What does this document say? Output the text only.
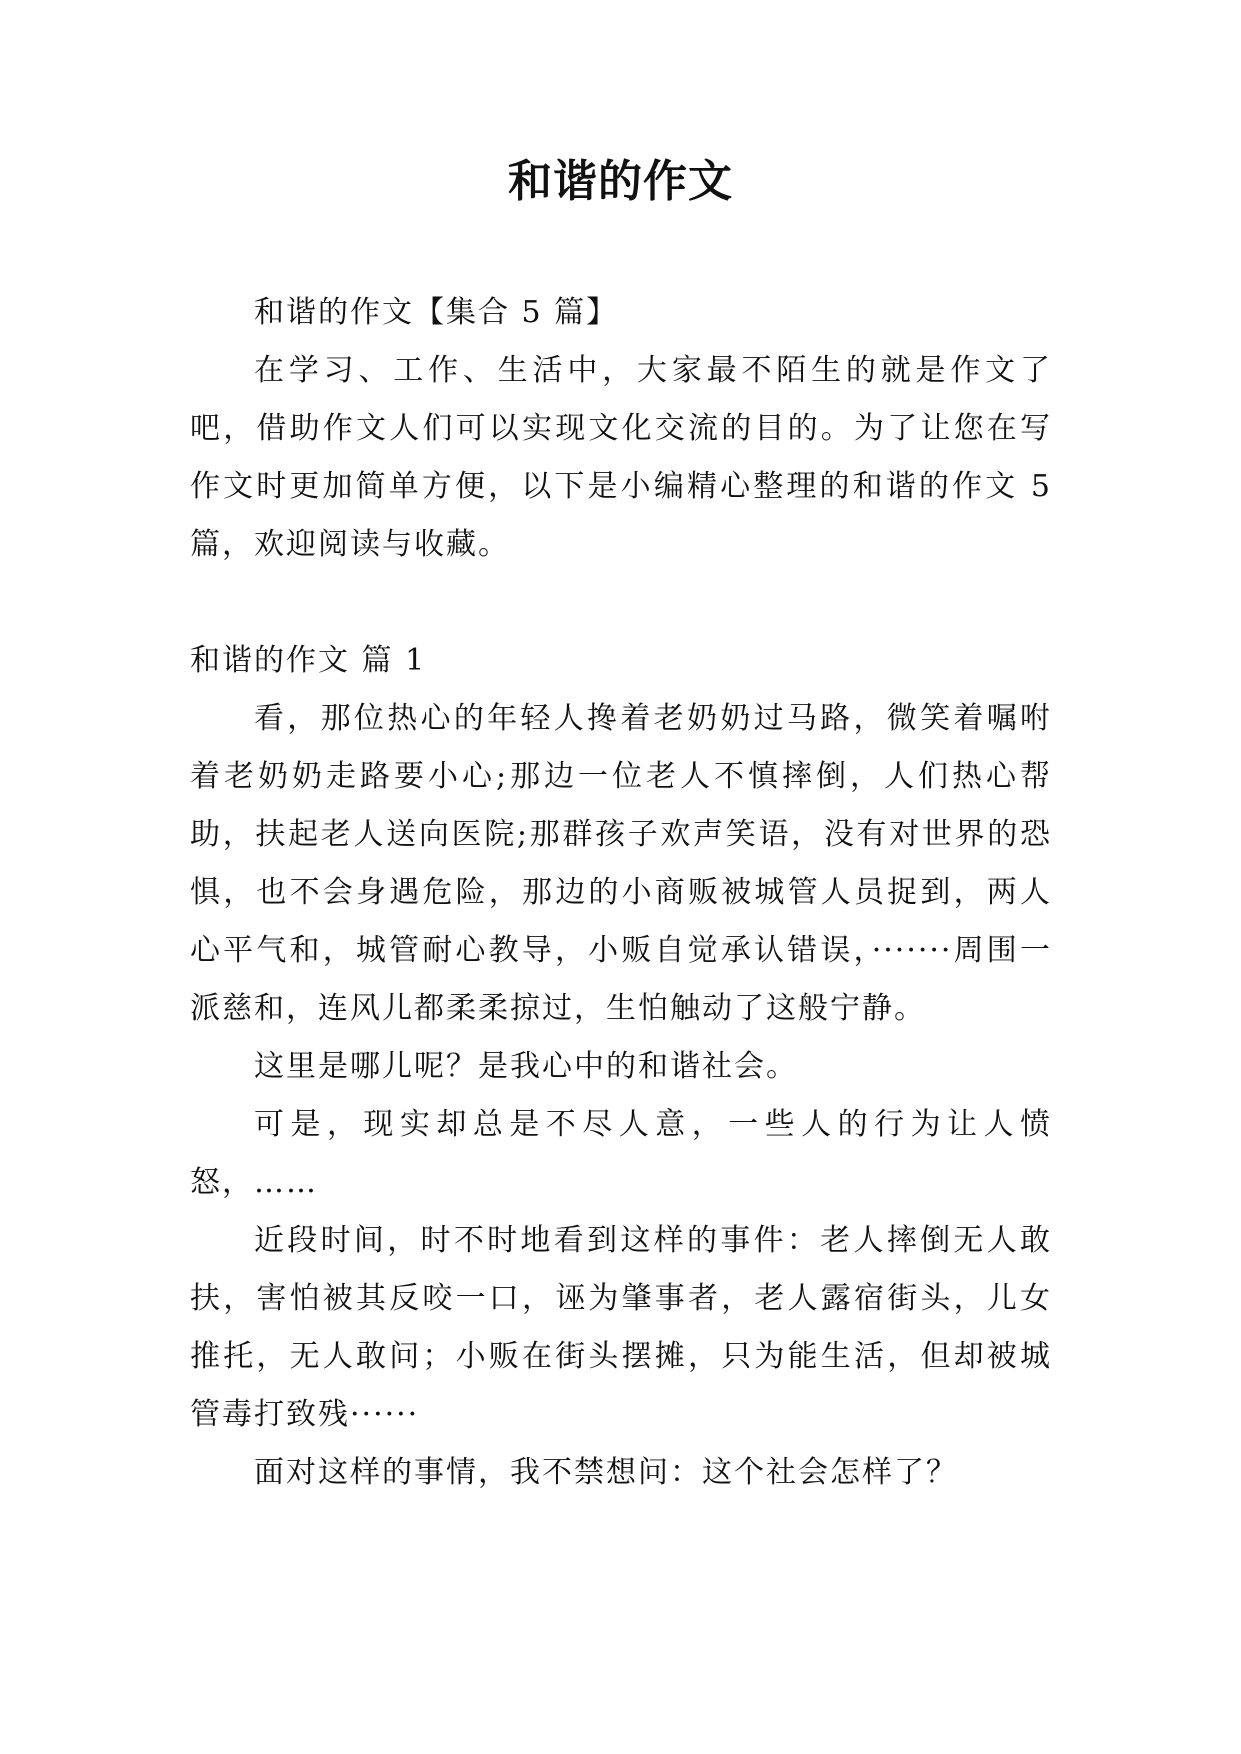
和谐的作文

和谐的作文【集合 5 篇】

在学习、工作、生活中，大家最不陌生的就是作文了吧，借助作文人们可以实现文化交流的目的。为了让您在写作文时更加简单方便，以下是小编精心整理的和谐的作文 5 篇，欢迎阅读与收藏。

和谐的作文 篇 1

看，那位热心的年轻人搀着老奶奶过马路，微笑着嘱咐着老奶奶走路要小心;那边一位老人不慎摔倒，人们热心帮助，扶起老人送向医院;那群孩子欢声笑语，没有对世界的恐惧，也不会身遇危险，那边的小商贩被城管人员捉到，两人心平气和，城管耐心教导，小贩自觉承认错误，·······周围一派慈和，连风儿都柔柔掠过，生怕触动了这般宁静。

这里是哪儿呢？是我心中的和谐社会。

可是，现实却总是不尽人意，一些人的行为让人愤怒，……

近段时间，时不时地看到这样的事件：老人摔倒无人敢扶，害怕被其反咬一口，诬为肇事者，老人露宿街头，儿女推托，无人敢问；小贩在街头摆摊，只为能生活，但却被城管毒打致残······

面对这样的事情，我不禁想问：这个社会怎样了？
